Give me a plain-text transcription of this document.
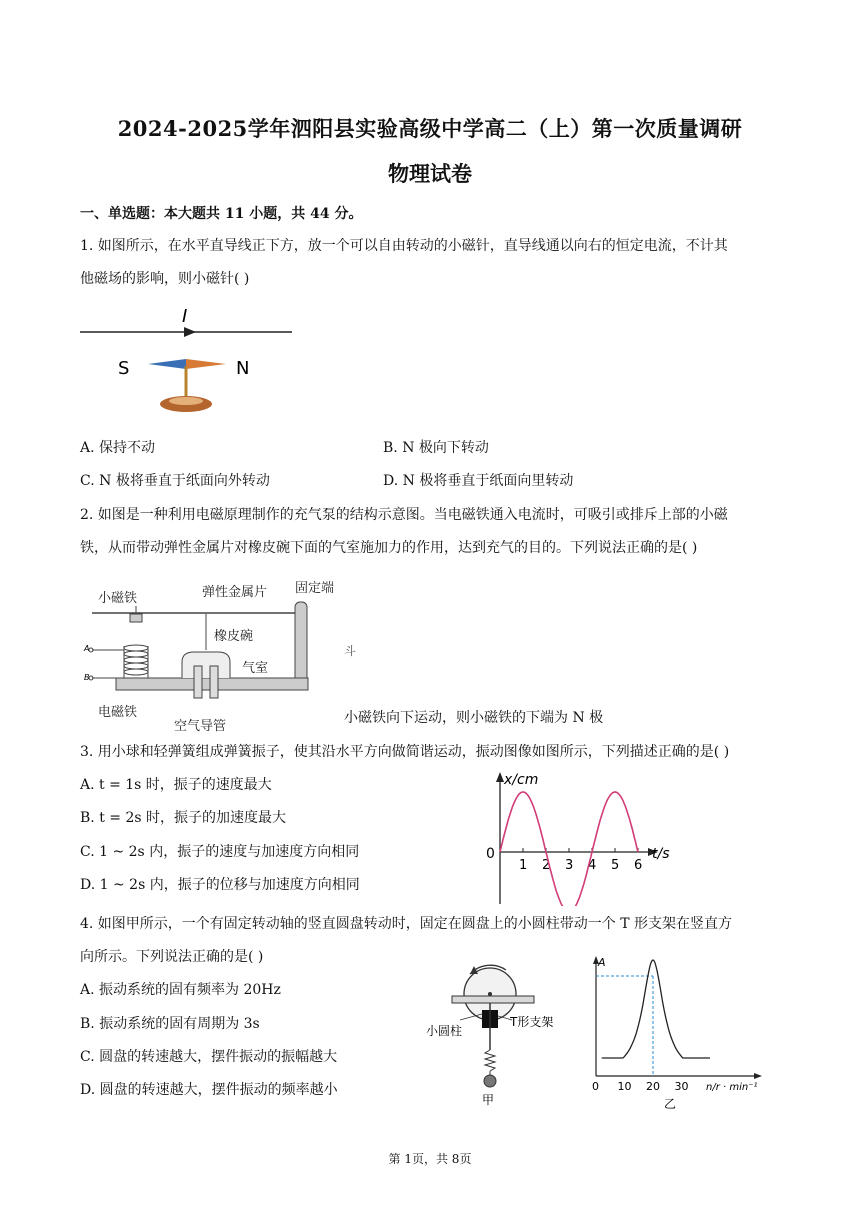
2024-2025学年泗阳县实验高级中学高二（上）第一次质量调研
物理试卷
一、单选题：本大题共 11 小题，共 44 分。
1. 如图所示，在水平直导线正下方，放一个可以自由转动的小磁针，直导线通以向右的恒定电流，不计其
他磁场的影响，则小磁针( )
I
S	N
A. 保持不动	B. N 极向下转动
C. N 极将垂直于纸面向外转动	D. N 极将垂直于纸面向里转动
2. 如图是一种利用电磁原理制作的充气泵的结构示意图。当电磁铁通入电流时，可吸引或排斥上部的小磁
铁，从而带动弹性金属片对橡皮碗下面的气室施加力的作用，达到充气的目的。下列说法正确的是( )
小磁铁	弹性金属片 固定端
橡皮碗
气室
电磁铁
空气导管
A
B
斗
小磁铁向下运动，则小磁铁的下端为 N 极
3. 用小球和轻弹簧组成弹簧振子，使其沿水平方向做简谐运动，振动图像如图所示，下列描述正确的是( )
A. t = 1s 时，振子的速度最大
B. t = 2s 时，振子的加速度最大
C. 1 ~ 2s 内，振子的速度与加速度方向相同
D. 1 ~ 2s 内，振子的位移与加速度方向相同
x/cm
t/s
0
1 2 3 4 5 6
4. 如图甲所示，一个有固定转动轴的竖直圆盘转动时，固定在圆盘上的小圆柱带动一个 T 形支架在竖直方
向所示。下列说法正确的是( )
A. 振动系统的固有频率为 20Hz
B. 振动系统的固有周期为 3s
C. 圆盘的转速越大，摆件振动的振幅越大
D. 圆盘的转速越大，摆件振动的频率越小
小圆柱
T形支架
甲
A
n/r · min⁻¹
0 10 20 30
乙
第 1页，共 8页
